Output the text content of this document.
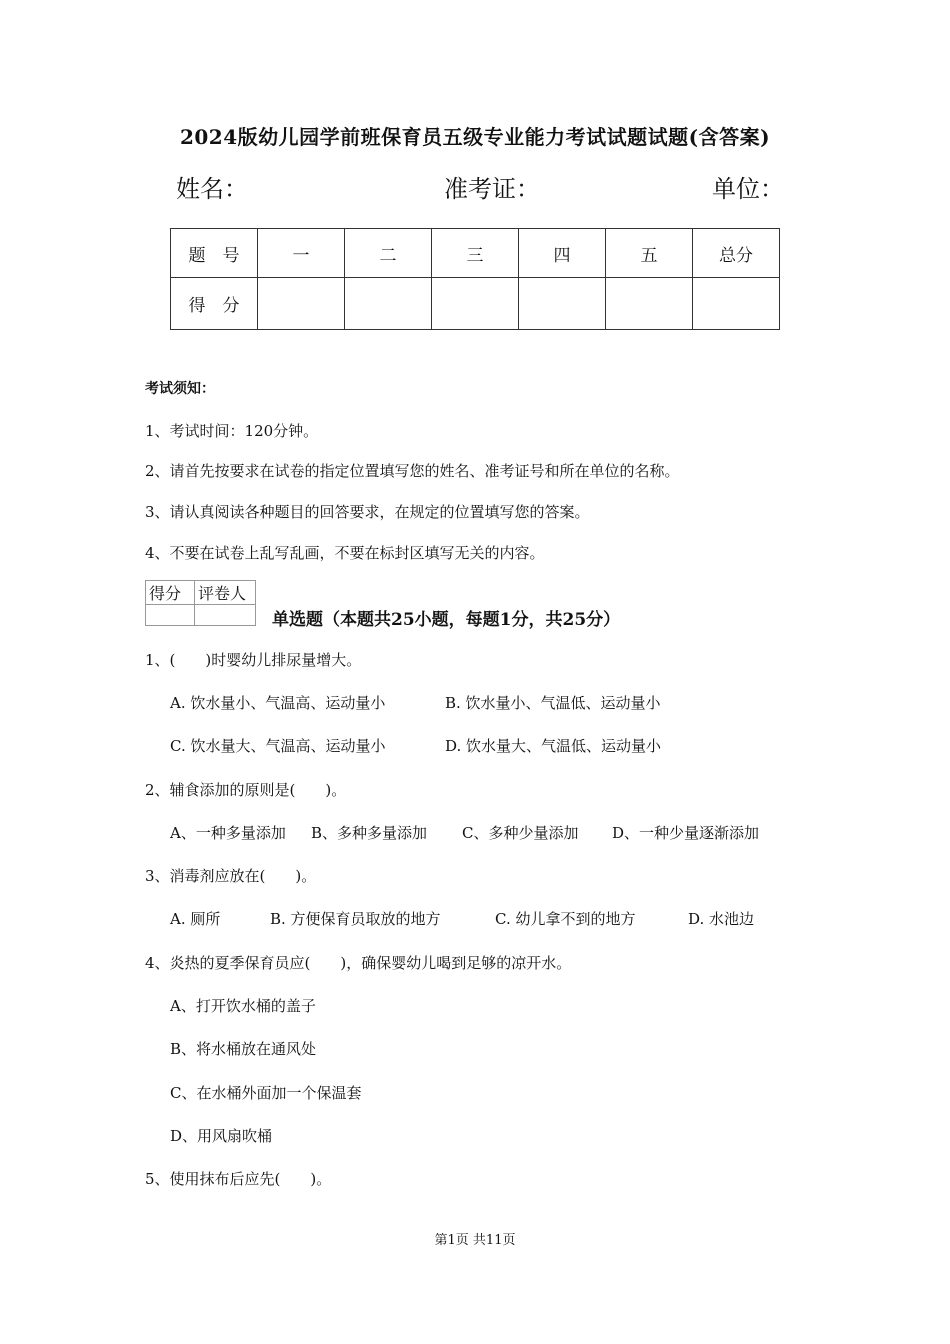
2024版幼儿园学前班保育员五级专业能力考试试题试题(含答案)
姓名：	准考证：	单位：
题　号	一	二	三	四	五	总分
得　分						
考试须知：
1、考试时间：120分钟。
2、请首先按要求在试卷的指定位置填写您的姓名、准考证号和所在单位的名称。
3、请认真阅读各种题目的回答要求，在规定的位置填写您的答案。
4、不要在试卷上乱写乱画，不要在标封区填写无关的内容。
得分	评卷人

单选题（本题共25小题，每题1分，共25分）
1、(　　)时婴幼儿排尿量增大。
A. 饮水量小、气温高、运动量小	B. 饮水量小、气温低、运动量小
C. 饮水量大、气温高、运动量小	D. 饮水量大、气温低、运动量小
2、辅食添加的原则是(　　)。
A、一种多量添加 B、多种多量添加 C、多种少量添加 D、一种少量逐渐添加
3、消毒剂应放在(　　)。
A. 厕所	B. 方便保育员取放的地方	C. 幼儿拿不到的地方	D. 水池边
4、炎热的夏季保育员应(　　)，确保婴幼儿喝到足够的凉开水。
A、打开饮水桶的盖子
B、将水桶放在通风处
C、在水桶外面加一个保温套
D、用风扇吹桶
5、使用抹布后应先(　　)。
第1页 共11页
